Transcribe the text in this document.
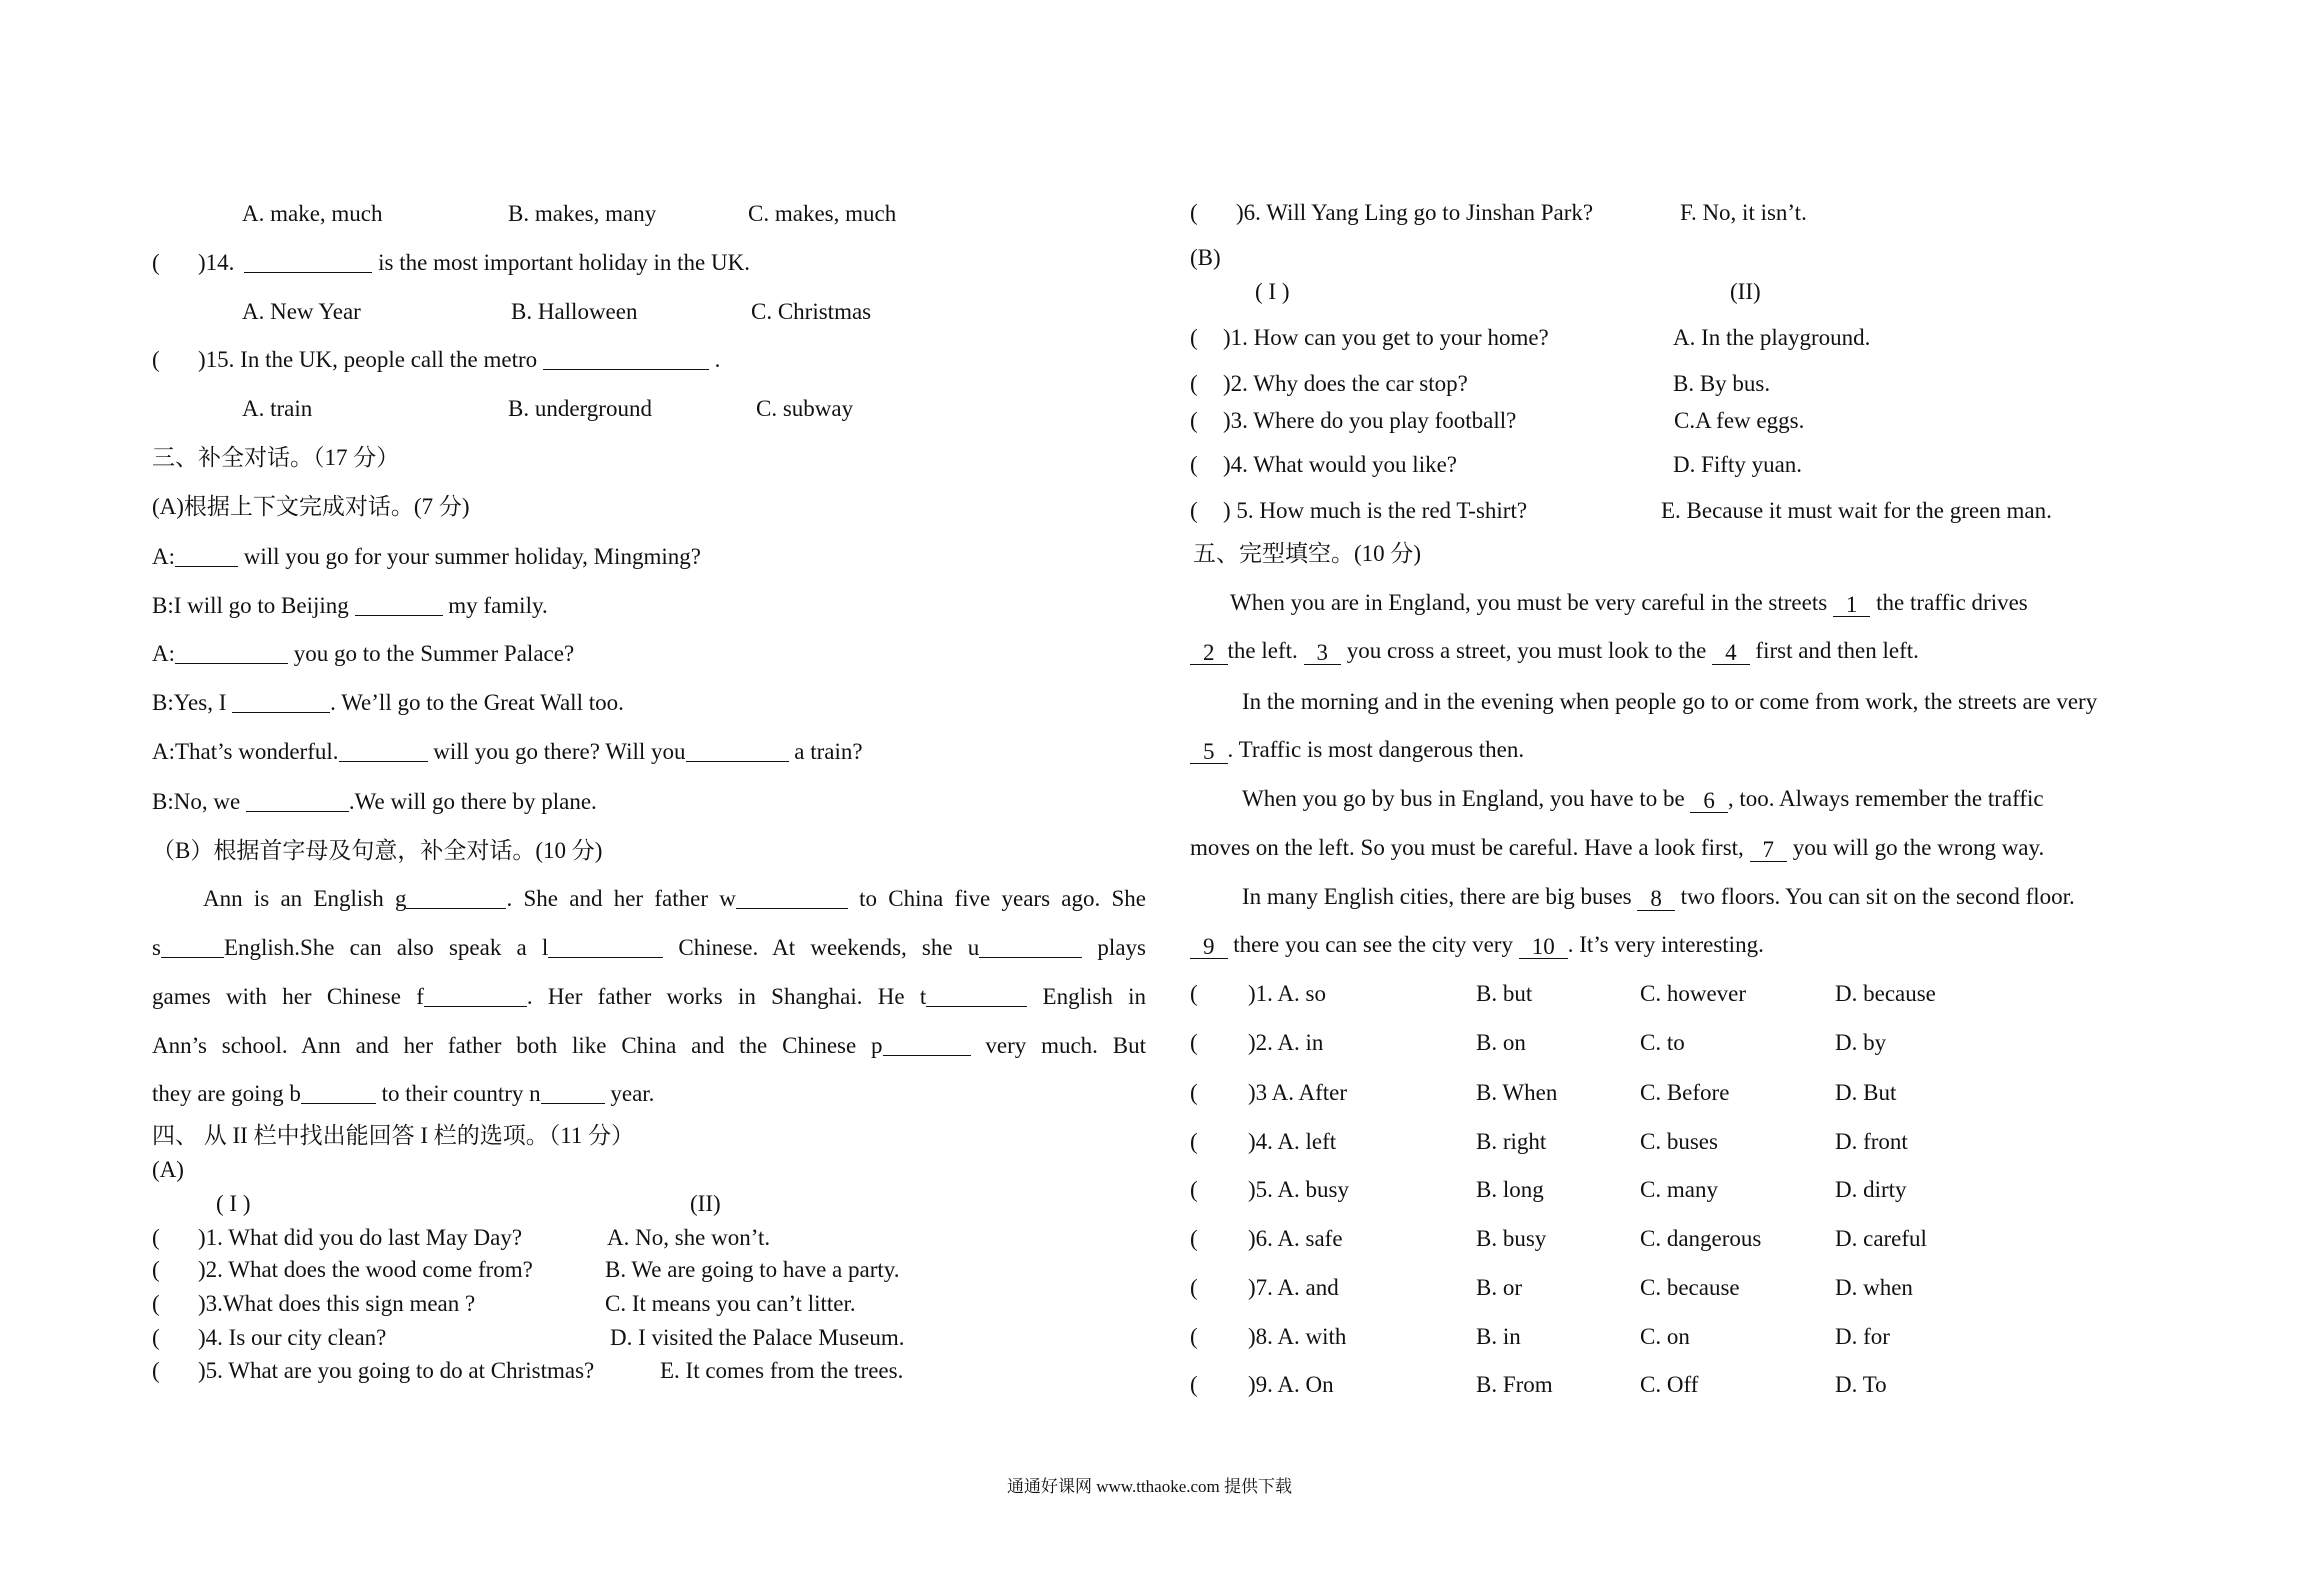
A. make, much	B. makes, many	C. makes, much
( )14.	is the most important holiday in the UK.
A. New Year	B. Halloween	C. Christmas
( )15. In the UK, people call the metro	.
A. train	B. underground	C. subway
三、补全对话。（17 分）
(A)根据上下文完成对话。(7 分)
A:	will you go for your summer holiday, Mingming?
B:I will go to Beijing	my family.
A:	you go to the Summer Palace?
B:Yes, I	. We’ll go to the Great Wall too.
A:That’s wonderful.	will you go there? Will you	a train?
B:No, we	.We will go there by plane.
（B）根据首字母及句意，补全对话。(10 分)
Ann is an English g	. She and her father w	to China five years ago. She
s	English.She can also speak a l	Chinese. At weekends, she u	plays
games with her Chinese f	. Her father works in Shanghai. He t	English in
Ann’s school. Ann and her father both like China and the Chinese p	very much. But
they are going b	to their country n	year.
四、 从 II 栏中找出能回答 I 栏的选项。（11 分）
(A)
( I )	(II)
( )1. What did you do last May Day?	A. No, she won’t.
( )2. What does the wood come from?	B. We are going to have a party.
( )3.What does this sign mean ?	C. It means you can’t litter.
( )4. Is our city clean?	D. I visited the Palace Museum.
( )5. What are you going to do at Christmas?	E. It comes from the trees.
( )6. Will Yang Ling go to Jinshan Park?	F. No, it isn’t.
(B)
( I )	(II)
( )1. How can you get to your home?	A. In the playground.
( )2. Why does the car stop?	B. By bus.
( )3. Where do you play football?	C.A few eggs.
( )4. What would you like?	D. Fifty yuan.
( ) 5. How much is the red T-shirt?	E. Because it must wait for the green man.
五、完型填空。(10 分)
When you are in England, you must be very careful in the streets 1 the traffic drives
2 the left. 3 you cross a street, you must look to the 4 first and then left.
In the morning and in the evening when people go to or come from work, the streets are very
5 . Traffic is most dangerous then.
When you go by bus in England, you have to be 6 , too. Always remember the traffic
moves on the left. So you must be careful. Have a look first, 7 you will go the wrong way.
In many English cities, there are big buses 8 two floors. You can sit on the second floor.
9 there you can see the city very 10 . It’s very interesting.
( )1. A. so	B. but	C. however	D. because
( )2. A. in	B. on	C. to	D. by
( )3 A. After	B. When	C. Before	D. But
( )4. A. left	B. right	C. buses	D. front
( )5. A. busy	B. long	C. many	D. dirty
( )6. A. safe	B. busy	C. dangerous	D. careful
( )7. A. and	B. or	C. because	D. when
( )8. A. with	B. in	C. on	D. for
( )9. A. On	B. From	C. Off	D. To
通通好课网 www.tthaoke.com 提供下载
